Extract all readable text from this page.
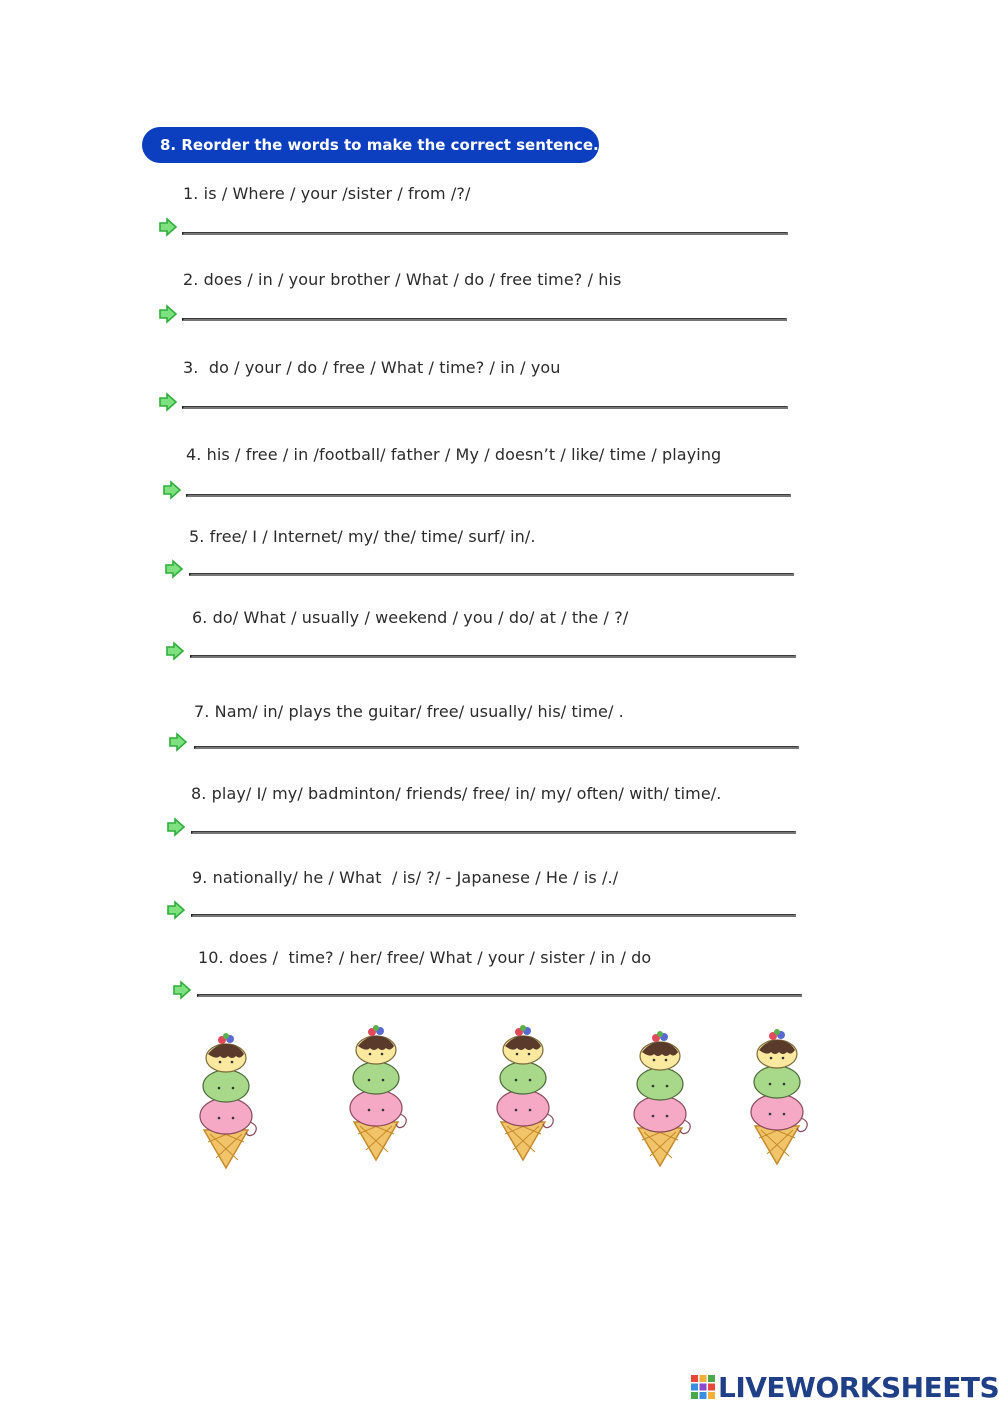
8. Reorder the words to make the correct sentence.
1. is / Where / your /sister / from /?/
2. does / in / your brother / What / do / free time? / his
3.  do / your / do / free / What / time? / in / you
4. his / free / in /football/ father / My / doesn’t / like/ time / playing
5. free/ I / Internet/ my/ the/ time/ surf/ in/.
6. do/ What / usually / weekend / you / do/ at / the / ?/
7. Nam/ in/ plays the guitar/ free/ usually/ his/ time/ .
8. play/ I/ my/ badminton/ friends/ free/ in/ my/ often/ with/ time/.
9. nationally/ he / What  / is/ ?/ - Japanese / He / is /./
10. does /  time? / her/ free/ What / your / sister / in / do
LIVEWORKSHEETS
